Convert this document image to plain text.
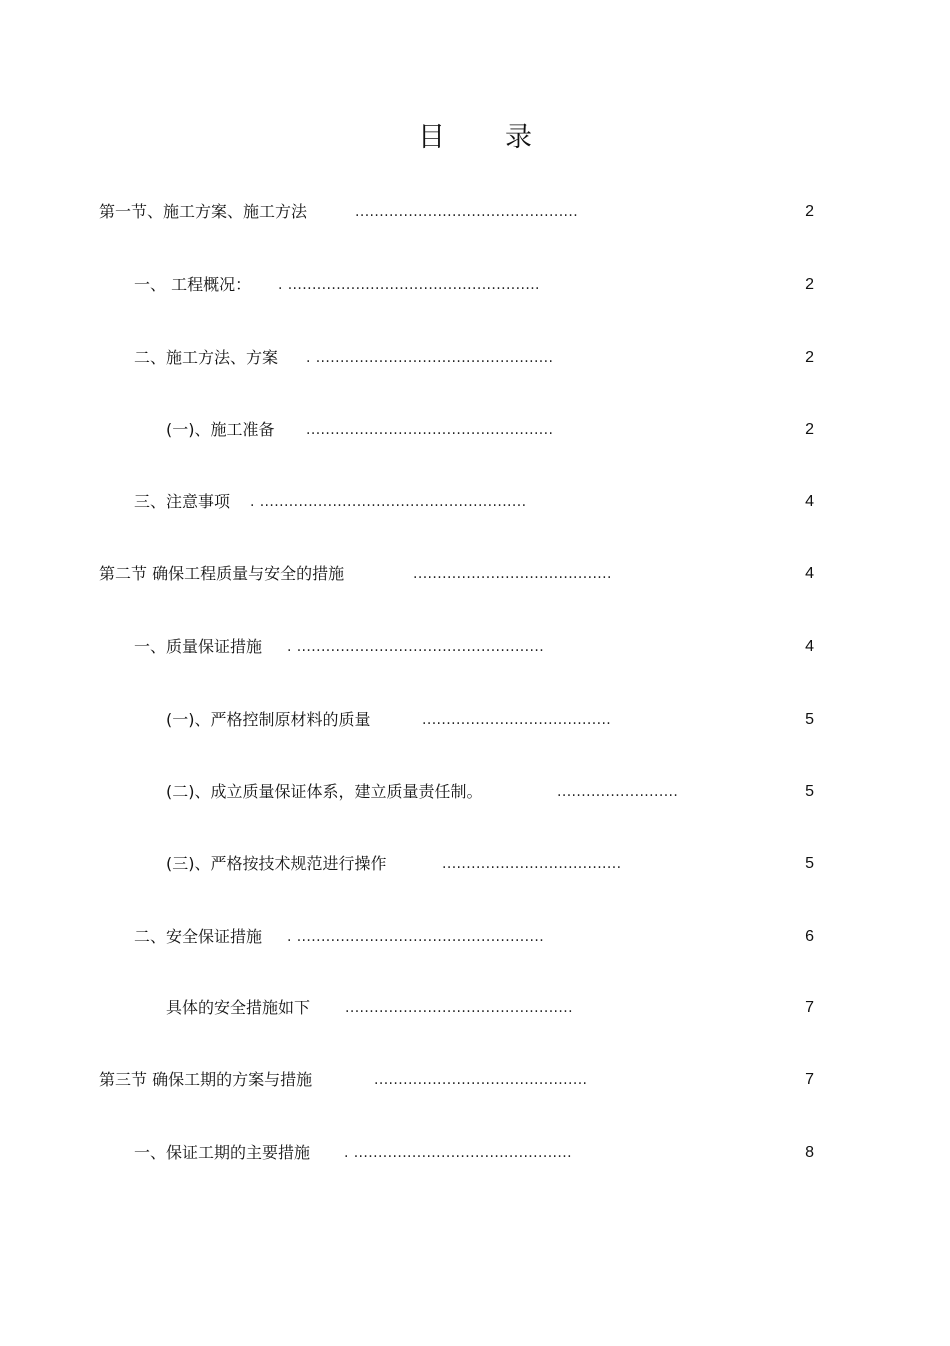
目 录
第一节、施工方案、施工方法	..............................................	2
一、 工程概况： . ....................................................	2
二、施工方法、方案 . .................................................	2
(一)、施工准备 ...................................................	2
三、注意事项 . .......................................................	4
第二节 确保工程质量与安全的措施	.........................................	4
一、质量保证措施 . ...................................................	4
(一)、严格控制原材料的质量	.......................................	5
(二)、成立质量保证体系，建立质量责任制。	.........................	5
(三)、严格按技术规范进行操作	.....................................	5
二、安全保证措施 . ...................................................	6
具体的安全措施如下 ...............................................	7
第三节 确保工期的方案与措施	............................................	7
一、保证工期的主要措施 . .............................................	8
